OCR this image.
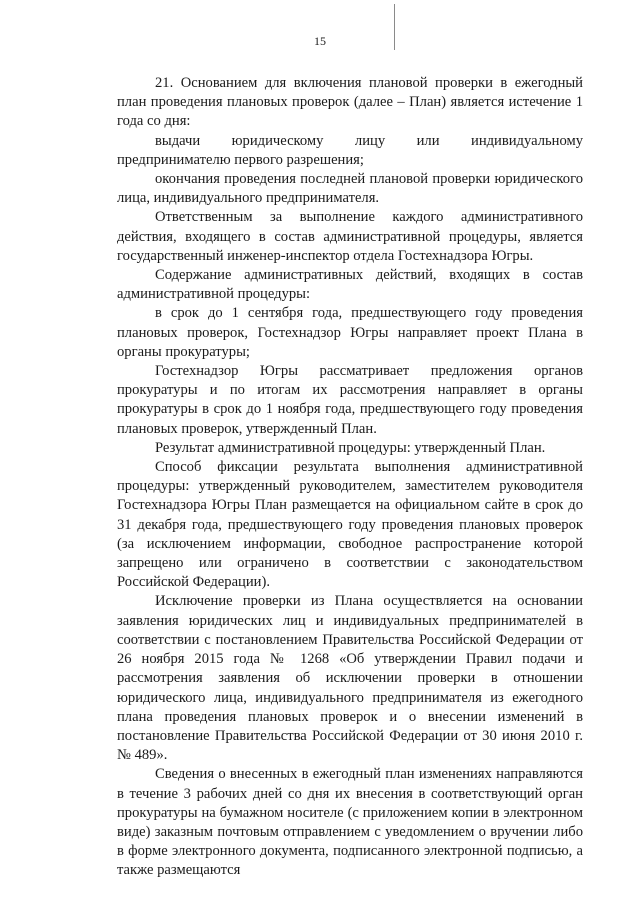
15

21. Основанием для включения плановой проверки в ежегодный план проведения плановых проверок (далее – План) является истечение 1 года со дня:

выдачи юридическому лицу или индивидуальному предпринимателю первого разрешения;

окончания проведения последней плановой проверки юридического лица, индивидуального предпринимателя.

Ответственным за выполнение каждого административного действия, входящего в состав административной процедуры, является государственный инженер-инспектор отдела Гостехнадзора Югры.

Содержание административных действий, входящих в состав административной процедуры:

в срок до 1 сентября года, предшествующего году проведения плановых проверок, Гостехнадзор Югры направляет проект Плана в органы прокуратуры;

Гостехнадзор Югры рассматривает предложения органов прокуратуры и по итогам их рассмотрения направляет в органы прокуратуры в срок до 1 ноября года, предшествующего году проведения плановых проверок, утвержденный План.

Результат административной процедуры: утвержденный План.

Способ фиксации результата выполнения административной процедуры: утвержденный руководителем, заместителем руководителя Гостехнадзора Югры План размещается на официальном сайте в срок до 31 декабря года, предшествующего году проведения плановых проверок (за исключением информации, свободное распространение которой запрещено или ограничено в соответствии с законодательством Российской Федерации).

Исключение проверки из Плана осуществляется на основании заявления юридических лиц и индивидуальных предпринимателей в соответствии с постановлением Правительства Российской Федерации от 26 ноября 2015 года № 1268 «Об утверждении Правил подачи и рассмотрения заявления об исключении проверки в отношении юридического лица, индивидуального предпринимателя из ежегодного плана проведения плановых проверок и о внесении изменений в постановление Правительства Российской Федерации от 30 июня 2010 г. № 489».

Сведения о внесенных в ежегодный план изменениях направляются в течение 3 рабочих дней со дня их внесения в соответствующий орган прокуратуры на бумажном носителе (с приложением копии в электронном виде) заказным почтовым отправлением с уведомлением о вручении либо в форме электронного документа, подписанного электронной подписью, а также размещаются
